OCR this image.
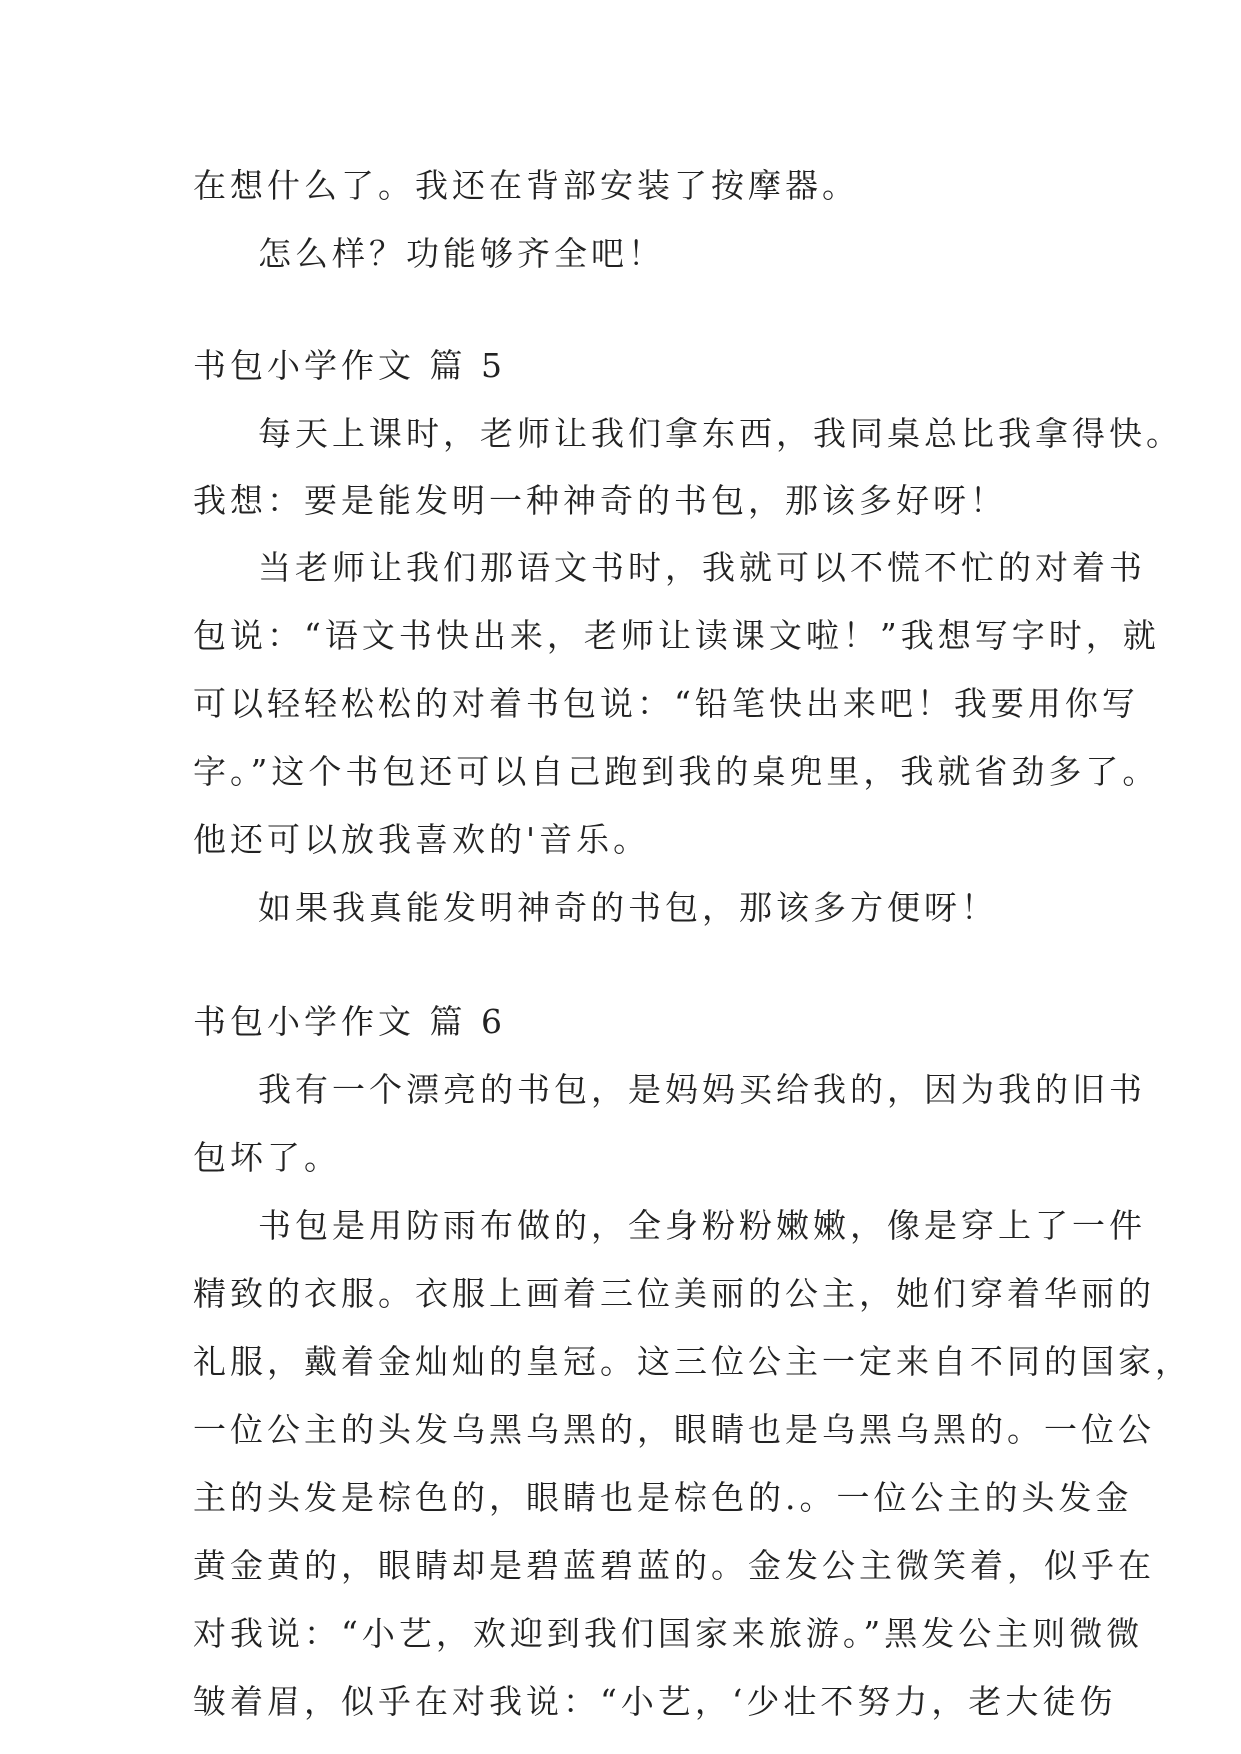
在想什么了。我还在背部安装了按摩器。
怎么样？功能够齐全吧！
书包小学作文 篇 5
每天上课时，老师让我们拿东西，我同桌总比我拿得快。
我想：要是能发明一种神奇的书包，那该多好呀！
当老师让我们那语文书时，我就可以不慌不忙的对着书
包说：“语文书快出来，老师让读课文啦！”我想写字时，就
可以轻轻松松的对着书包说：“铅笔快出来吧！我要用你写
字。”这个书包还可以自己跑到我的桌兜里，我就省劲多了。
他还可以放我喜欢的'音乐。
如果我真能发明神奇的书包，那该多方便呀！
书包小学作文 篇 6
我有一个漂亮的书包，是妈妈买给我的，因为我的旧书
包坏了。
书包是用防雨布做的，全身粉粉嫩嫩，像是穿上了一件
精致的衣服。衣服上画着三位美丽的公主，她们穿着华丽的
礼服，戴着金灿灿的皇冠。这三位公主一定来自不同的国家，
一位公主的头发乌黑乌黑的，眼睛也是乌黑乌黑的。一位公
主的头发是棕色的，眼睛也是棕色的.。一位公主的头发金
黄金黄的，眼睛却是碧蓝碧蓝的。金发公主微笑着，似乎在
对我说：“小艺，欢迎到我们国家来旅游。”黑发公主则微微
皱着眉，似乎在对我说：“小艺，‘少壮不努力，老大徒伤
